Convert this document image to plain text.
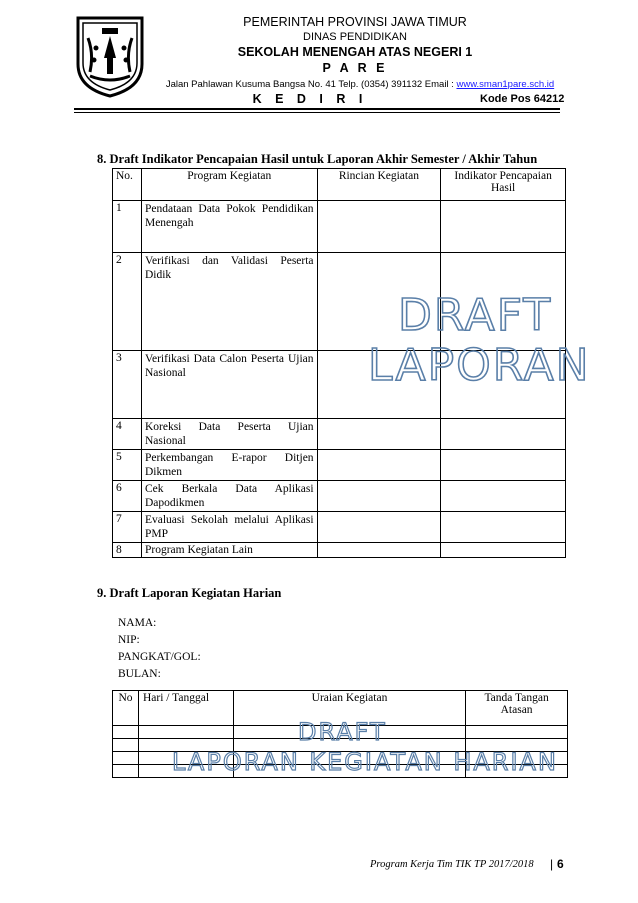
PEMERINTAH PROVINSI JAWA TIMUR
DINAS PENDIDIKAN
SEKOLAH MENENGAH ATAS NEGERI 1
P A R E
Jalan Pahlawan Kusuma Bangsa No. 41 Telp. (0354) 391132 Email : www.sman1pare.sch.id
K E D I R I	Kode Pos 64212
8. Draft Indikator Pencapaian Hasil untuk Laporan Akhir Semester / Akhir Tahun
No.	Program Kegiatan	Rincian Kegiatan	Indikator Pencapaian Hasil
1	Pendataan Data Pokok Pendidikan Menengah		
2	Verifikasi dan Validasi Peserta Didik		
3	Verifikasi Data Calon Peserta Ujian Nasional		
4	Koreksi Data Peserta Ujian Nasional		
5	Perkembangan E-rapor Ditjen Dikmen		
6	Cek Berkala Data Aplikasi Dapodikmen		
7	Evaluasi Sekolah melalui Aplikasi PMP		
8	Program Kegiatan Lain		
DRAFT
LAPORAN
9. Draft Laporan Kegiatan Harian
NAMA:
NIP:
PANGKAT/GOL:
BULAN:
No	Hari / Tanggal	Uraian Kegiatan	Tanda Tangan Atasan

DRAFT
LAPORAN KEGIATAN HARIAN
Program Kerja Tim TIK TP 2017/2018 | 6
